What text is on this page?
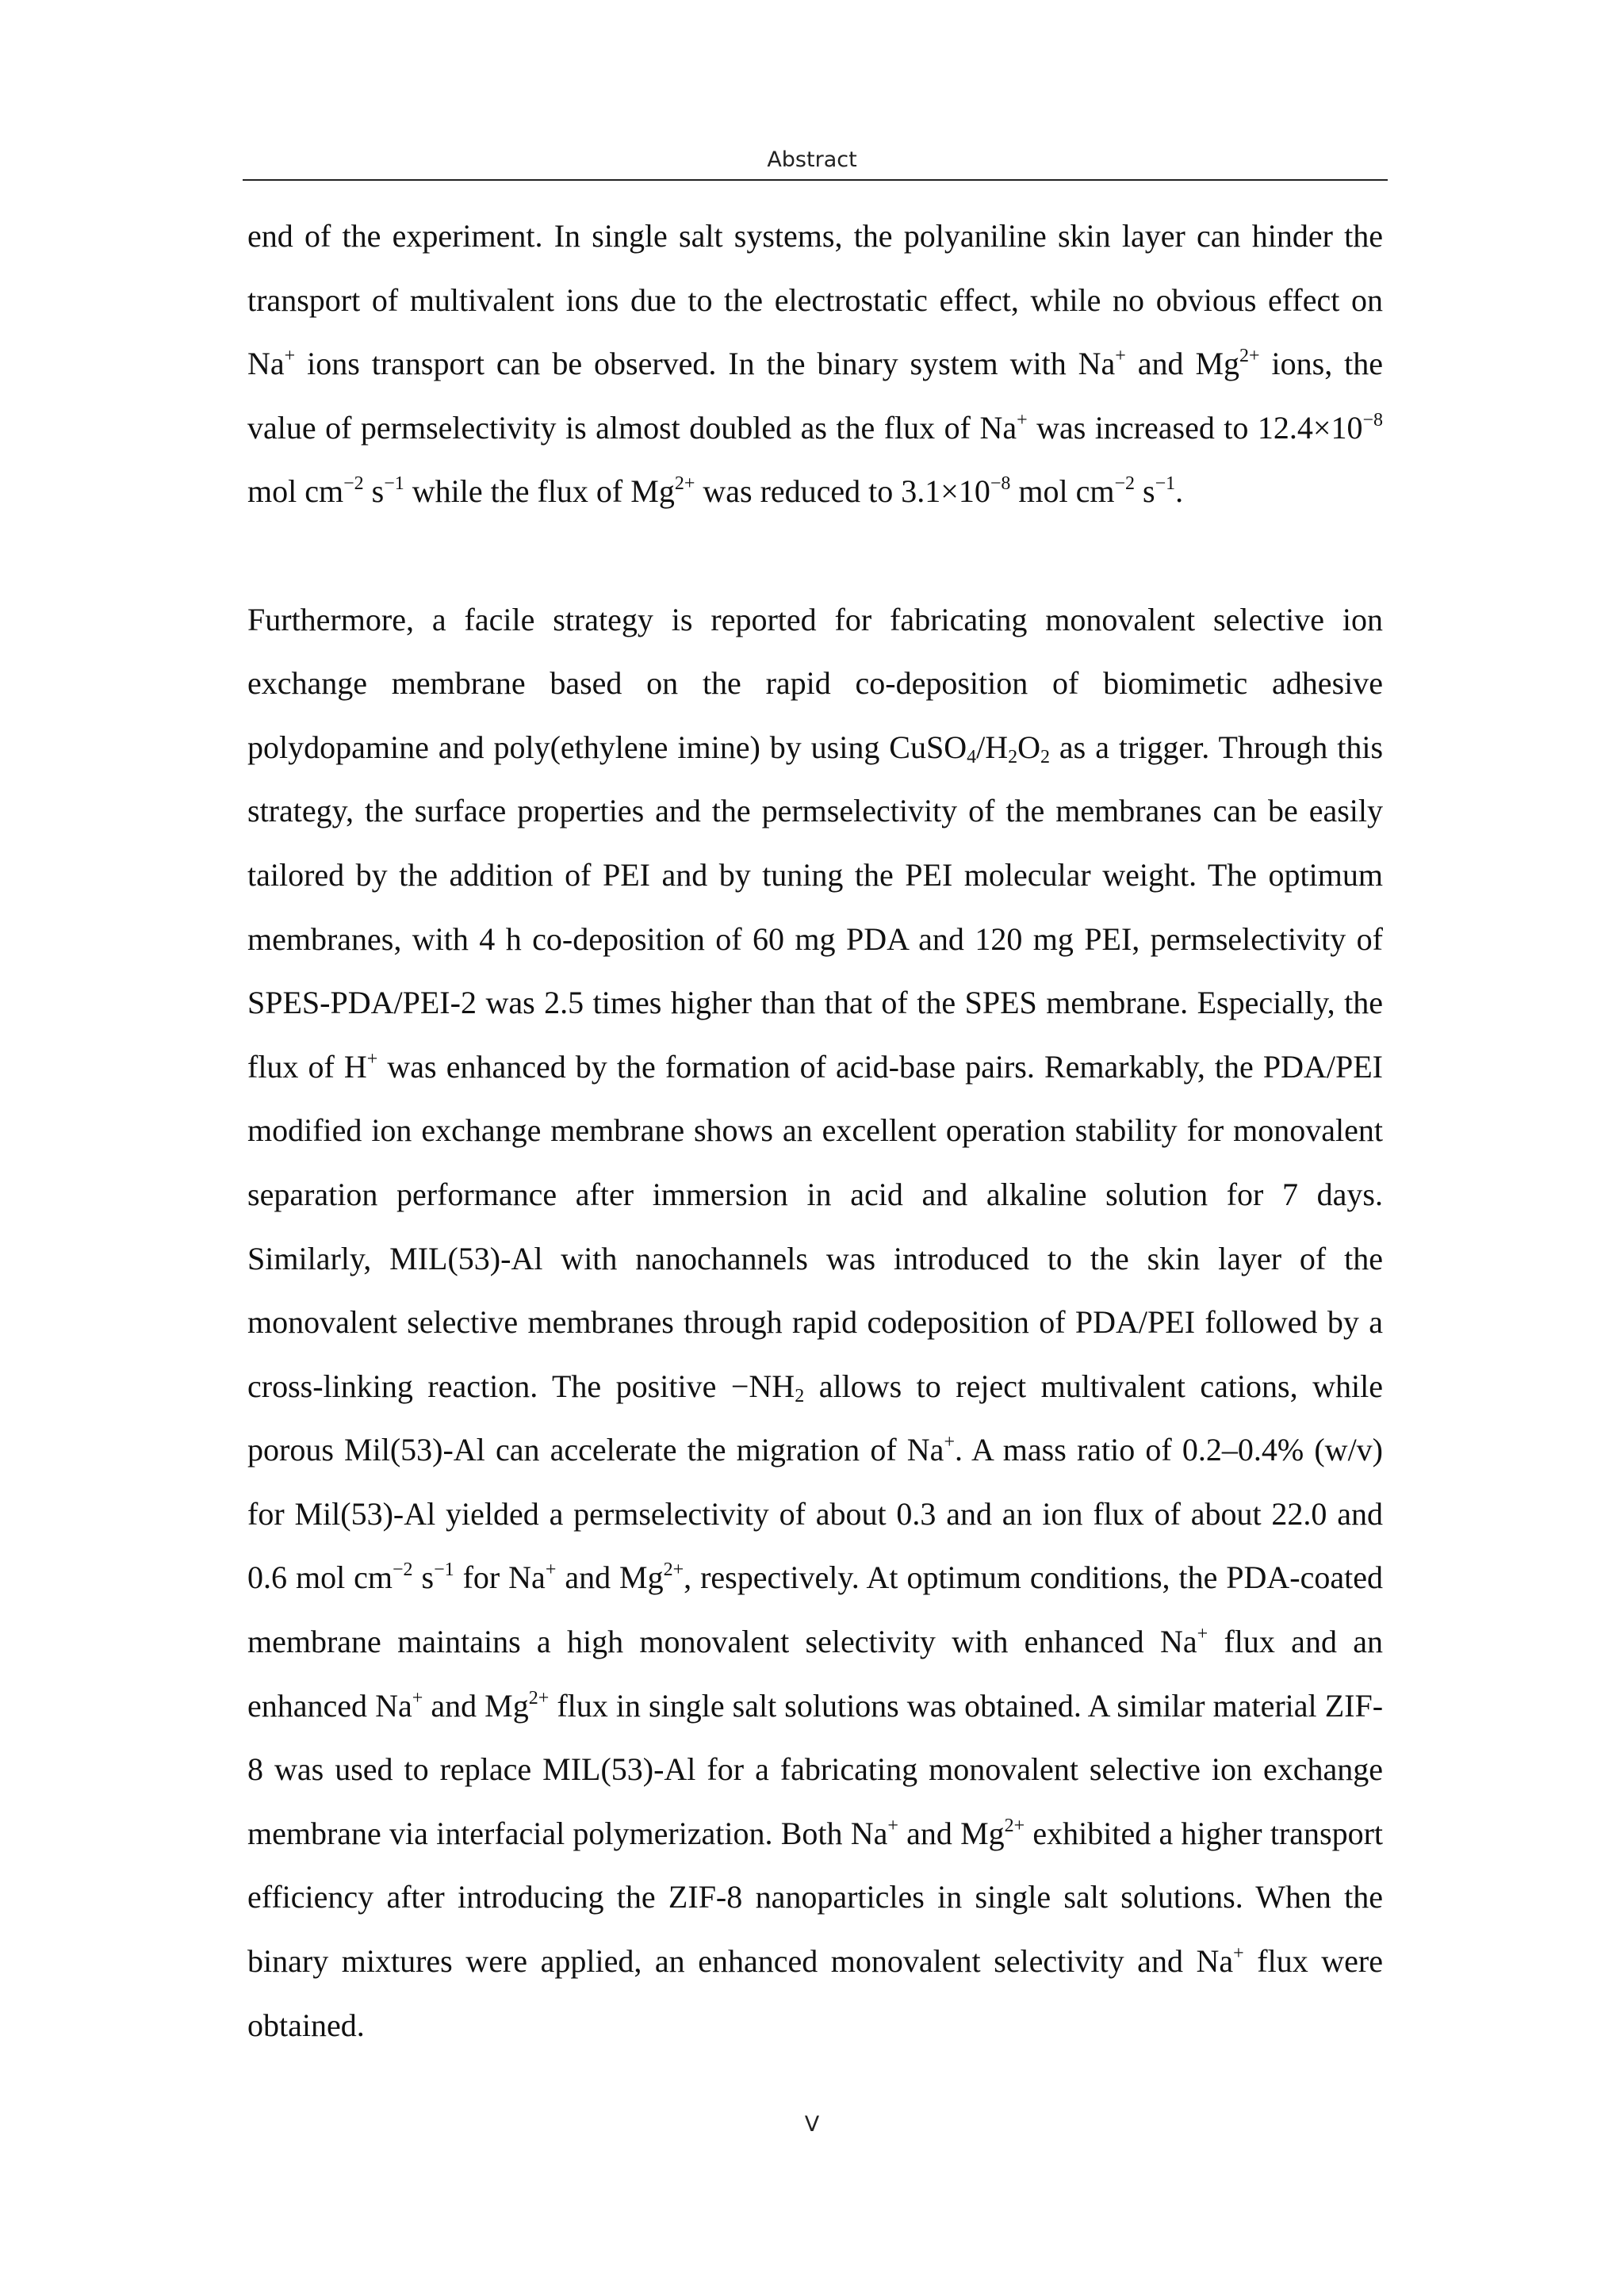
Abstract

end of the experiment. In single salt systems, the polyaniline skin layer can hinder the transport of multivalent ions due to the electrostatic effect, while no obvious effect on Na+ ions transport can be observed. In the binary system with Na+ and $Mg^{2+}$ ions, the value of permselectivity is almost doubled as the flux of Na+ was increased to $12.4\times 10^{-8}$ mol $cm^{-2}$ $s^{-1}$ while the flux of $Mg^{2+}$ was reduced to $3.1\times 10^{-8}$ mol $cm^{-2}$ $s^{-1}$.

Furthermore, a facile strategy is reported for fabricating monovalent selective ion exchange membrane based on the rapid co-deposition of biomimetic adhesive polydopamine and poly(ethylene imine) by using $CuSO_4/H_2O_2$ as a trigger. Through this strategy, the surface properties and the permselectivity of the membranes can be easily tailored by the addition of PEI and by tuning the PEI molecular weight. The optimum membranes, with 4 h co-deposition of 60 mg PDA and 120 mg PEI, permselectivity of SPES-PDA/PEI-2 was 2.5 times higher than that of the SPES membrane. Especially, the flux of H+ was enhanced by the formation of acid-base pairs. Remarkably, the PDA/PEI modified ion exchange membrane shows an excellent operation stability for monovalent separation performance after immersion in acid and alkaline solution for 7 days. Similarly, MIL(53)-Al with nanochannels was introduced to the skin layer of the monovalent selective membranes through rapid codeposition of PDA/PEI followed by a cross-linking reaction. The positive $-NH_2$ allows to reject multivalent cations, while porous Mil(53)-Al can accelerate the migration of Na+. A mass ratio of 0.2–0.4% (w/v) for Mil(53)-Al yielded a permselectivity of about 0.3 and an ion flux of about 22.0 and 0.6 mol $cm^{-2}$ $s^{-1}$ for Na+ and $Mg^{2+}$, respectively. At optimum conditions, the PDA-coated membrane maintains a high monovalent selectivity with enhanced Na+ flux and an enhanced Na+ and $Mg^{2+}$ flux in single salt solutions was obtained. A similar material ZIF-8 was used to replace MIL(53)-Al for a fabricating monovalent selective ion exchange membrane via interfacial polymerization. Both Na+ and $Mg^{2+}$ exhibited a higher transport efficiency after introducing the ZIF-8 nanoparticles in single salt solutions. When the binary mixtures were applied, an enhanced monovalent selectivity and Na+ flux were obtained.

V
